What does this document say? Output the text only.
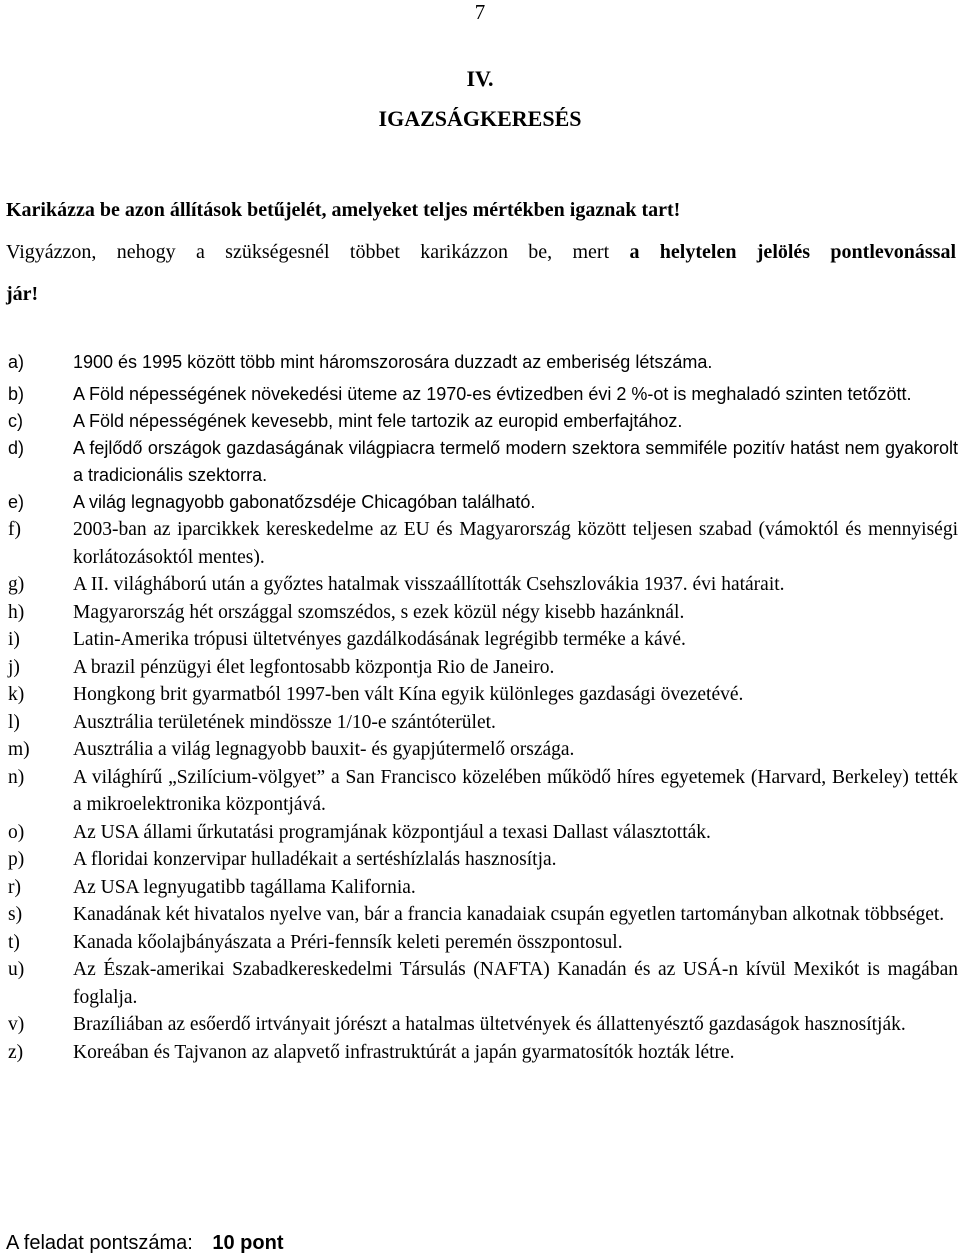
7
IV.
IGAZSÁGKERESÉS
Karikázza be azon állítások betűjelét, amelyeket teljes mértékben igaznak tart!
Vigyázzon, nehogy a szükségesnél többet karikázzon be, mert a helytelen jelölés pontlevonással
jár!
a)	1900 és 1995 között több mint háromszorosára duzzadt az emberiség létszáma.
b)	A Föld népességének növekedési üteme az 1970-es évtizedben évi 2 %-ot is meghaladó szinten tetőzött.
c)	A Föld népességének kevesebb, mint fele tartozik az europid emberfajtához.
d)	A fejlődő országok gazdaságának világpiacra termelő modern szektora semmiféle pozitív hatást nem gyakorolt a tradicionális szektorra.
e)	A világ legnagyobb gabonatőzsdéje Chicagóban található.
f)	2003-ban az iparcikkek kereskedelme az EU és Magyarország között teljesen szabad (vámoktól és mennyiségi korlátozásoktól mentes).
g)	A II. világháború után a győztes hatalmak visszaállították Csehszlovákia 1937. évi határait.
h)	Magyarország hét országgal szomszédos, s ezek közül négy kisebb hazánknál.
i)	Latin-Amerika trópusi ültetvényes gazdálkodásának legrégibb terméke a kávé.
j)	A brazil pénzügyi élet legfontosabb központja Rio de Janeiro.
k)	Hongkong brit gyarmatból 1997-ben vált Kína egyik különleges gazdasági övezetévé.
l)	Ausztrália területének mindössze 1/10-e szántóterület.
m) Ausztrália a világ legnagyobb bauxit- és gyapjútermelő országa.
n)	A világhírű „Szilícium-völgyet” a San Francisco közelében működő híres egyetemek (Harvard, Berkeley) tették a mikroelektronika központjává.
o)	Az USA állami űrkutatási programjának központjául a texasi Dallast választották.
p)	A floridai konzervipar hulladékait a sertéshízlalás hasznosítja.
r)	Az USA legnyugatibb tagállama Kalifornia.
s)	Kanadának két hivatalos nyelve van, bár a francia kanadaiak csupán egyetlen tartományban alkotnak többséget.
t)	Kanada kőolajbányászata a Préri-fennsík keleti peremén összpontosul.
u)	Az Észak-amerikai Szabadkereskedelmi Társulás (NAFTA) Kanadán és az USÁ-n kívül Mexikót is magában foglalja.
v)	Brazíliában az esőerdő irtványait jórészt a hatalmas ültetvények és állattenyésztő gazdaságok hasznosítják.
z)	Koreában és Tajvanon az alapvető infrastruktúrát a japán gyarmatosítók hozták létre.
A feladat pontszáma: 10 pont
